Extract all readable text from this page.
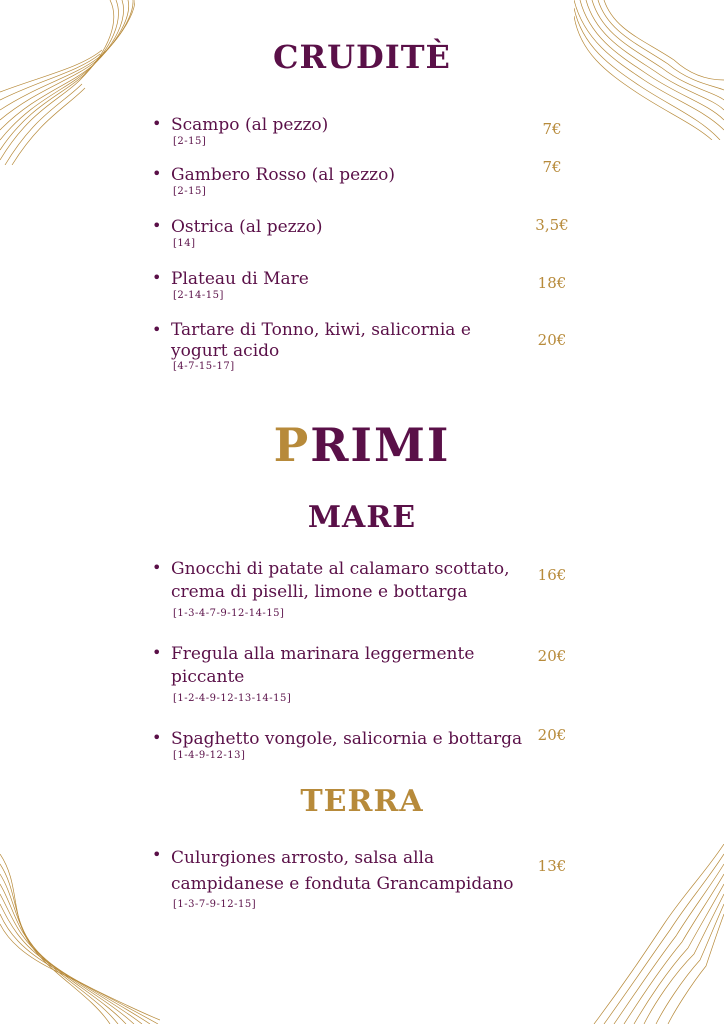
CRUDITÈ
• Scampo (al pezzo)
[2-15]
7€
• Gambero Rosso (al pezzo)
[2-15]
7€
• Ostrica (al pezzo)
[14]
3,5€
• Plateau di Mare
[2-14-15]
18€
• Tartare di Tonno, kiwi, salicornia e yogurt acido
[4-7-15-17]
20€
PRIMI
MARE
• Gnocchi di patate al calamaro scottato, crema di piselli, limone e bottarga
[1-3-4-7-9-12-14-15]
16€
• Fregula alla marinara leggermente piccante
[1-2-4-9-12-13-14-15]
20€
• Spaghetto vongole, salicornia e bottarga
[1-4-9-12-13]
20€
TERRA
• Culurgiones arrosto, salsa alla campidanese e fonduta Grancampidano
[1-3-7-9-12-15]
13€
